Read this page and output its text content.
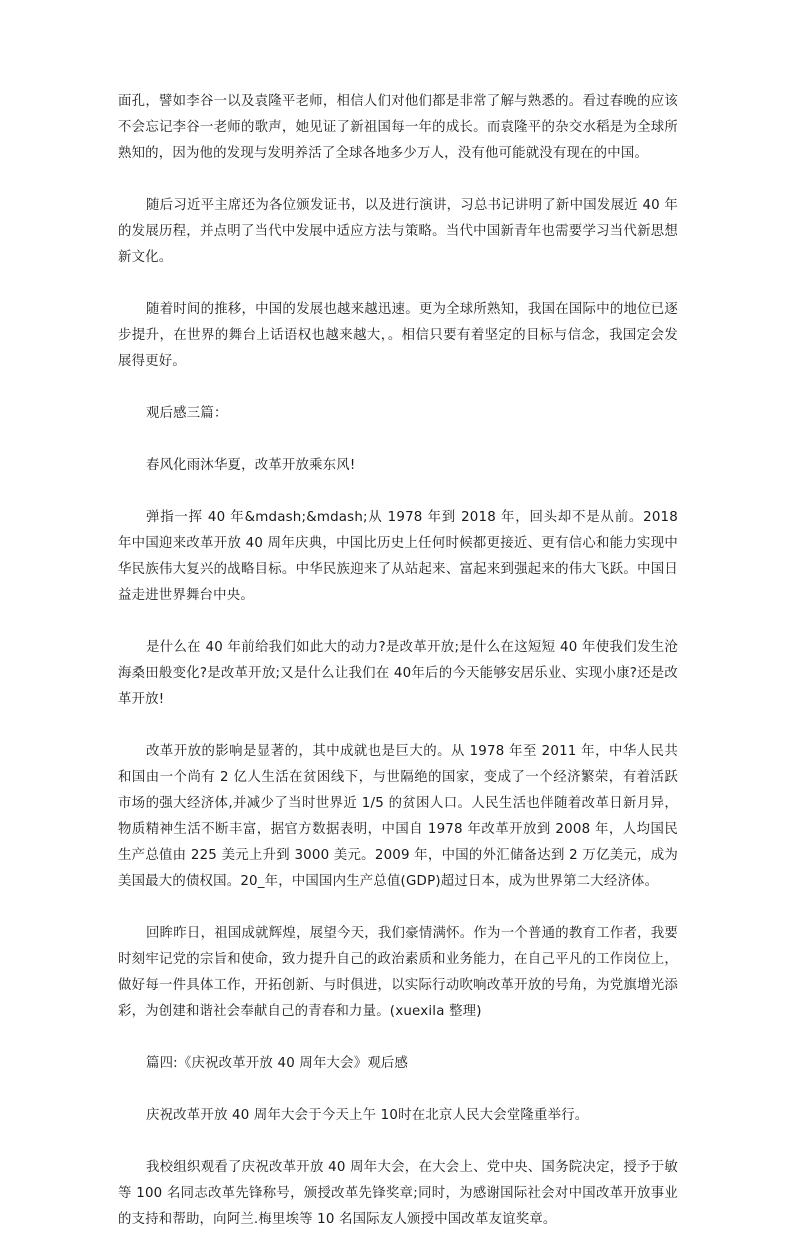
面孔，譬如李谷一以及袁隆平老师，相信人们对他们都是非常了解与熟悉的。看过春晚的应该不会忘记李谷一老师的歌声，她见证了新祖国每一年的成长。而袁隆平的杂交水稻是为全球所熟知的，因为他的发现与发明养活了全球各地多少万人，没有他可能就没有现在的中国。

随后习近平主席还为各位颁发证书，以及进行演讲，习总书记讲明了新中国发展近 40 年的发展历程，并点明了当代中发展中适应方法与策略。当代中国新青年也需要学习当代新思想新文化。

随着时间的推移，中国的发展也越来越迅速。更为全球所熟知，我国在国际中的地位已逐步提升，在世界的舞台上话语权也越来越大，。相信只要有着坚定的目标与信念，我国定会发展得更好。

观后感三篇：

春风化雨沐华夏，改革开放乘东风!

弹指一挥 40 年&mdash;&mdash;从 1978 年到 2018 年，回头却不是从前。2018 年中国迎来改革开放 40 周年庆典，中国比历史上任何时候都更接近、更有信心和能力实现中华民族伟大复兴的战略目标。中华民族迎来了从站起来、富起来到强起来的伟大飞跃。中国日益走进世界舞台中央。

是什么在 40 年前给我们如此大的动力?是改革开放;是什么在这短短 40 年使我们发生沧海桑田般变化?是改革开放;又是什么让我们在 40年后的今天能够安居乐业、实现小康?还是改革开放!

改革开放的影响是显著的，其中成就也是巨大的。从 1978 年至 2011 年，中华人民共和国由一个尚有 2 亿人生活在贫困线下，与世隔绝的国家，变成了一个经济繁荣，有着活跃市场的强大经济体,并减少了当时世界近 1/5 的贫困人口。人民生活也伴随着改革日新月异，物质精神生活不断丰富，据官方数据表明，中国自 1978 年改革开放到 2008 年，人均国民生产总值由 225 美元上升到 3000 美元。2009 年，中国的外汇储备达到 2 万亿美元，成为美国最大的债权国。20_年，中国国内生产总值(GDP)超过日本，成为世界第二大经济体。

回眸昨日，祖国成就辉煌，展望今天，我们豪情满怀。作为一个普通的教育工作者，我要时刻牢记党的宗旨和使命，致力提升自己的政治素质和业务能力，在自己平凡的工作岗位上，做好每一件具体工作，开拓创新、与时俱进，以实际行动吹响改革开放的号角，为党旗增光添彩，为创建和谐社会奉献自己的青春和力量。(xuexila 整理)

篇四:《庆祝改革开放 40 周年大会》观后感

庆祝改革开放 40 周年大会于今天上午 10时在北京人民大会堂隆重举行。

我校组织观看了庆祝改革开放 40 周年大会，在大会上、党中央、国务院决定，授予于敏等 100 名同志改革先锋称号，颁授改革先锋奖章;同时，为感谢国际社会对中国改革开放事业的支持和帮助，向阿兰.梅里埃等 10 名国际友人颁授中国改革友谊奖章。
